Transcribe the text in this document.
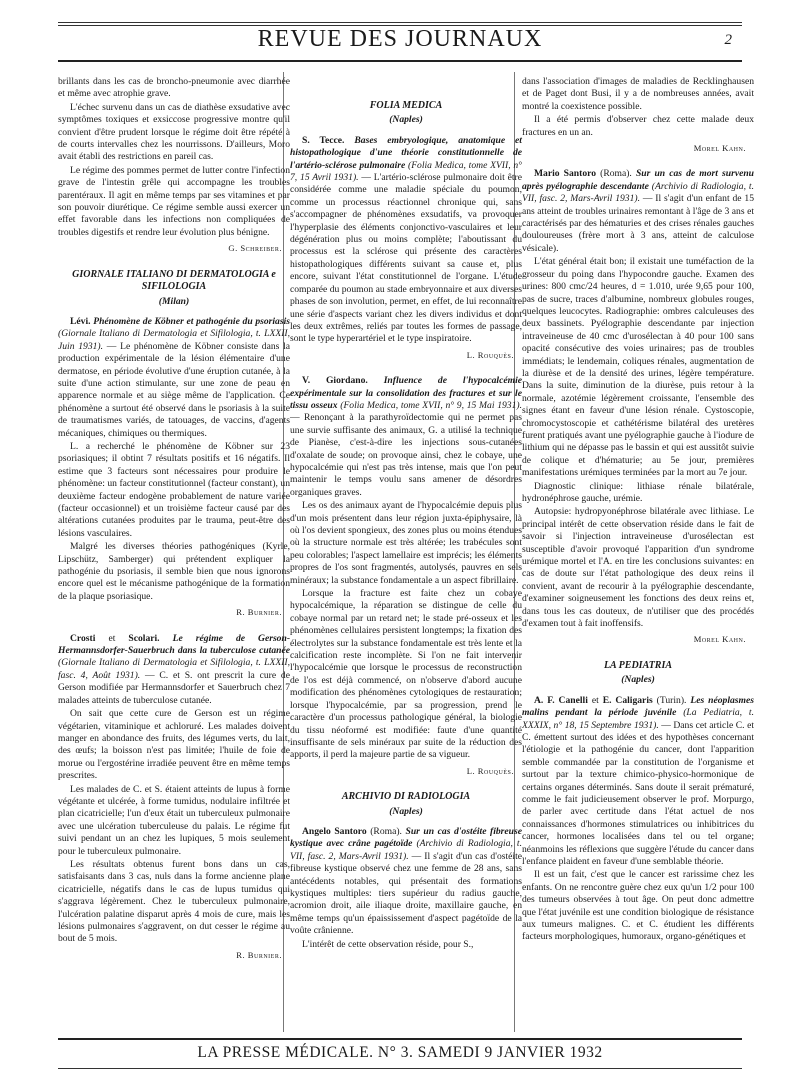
REVUE DES JOURNAUX	2

brillants dans les cas de broncho-pneumonie avec diarrhée et même avec atrophie grave.

L'échec survenu dans un cas de diathèse exsudative avec symptômes toxiques et exsiccose progressive montre qu'il convient d'être prudent lorsque le régime doit être répété à de courts intervalles chez les nourrissons. D'ailleurs, Moro avait établi des restrictions en pareil cas.

Le régime des pommes permet de lutter contre l'infection grave de l'intestin grêle qui accompagne les troubles parentéraux. Il agit en même temps par ses vitamines et par son pouvoir diurétique. Ce régime semble aussi exercer un effet favorable dans les infections non compliquées de troubles digestifs et rendre leur évolution plus bénigne.

G. Schreiber.
GIORNALE ITALIANO DI DERMATOLOGIA e SIFILOLOGIA
(Milan)

Lévi. Phénomène de Köbner et pathogénie du psoriasis (Giornale Italiano di Dermatologia et Sifilologia, t. LXXII, Juin 1931). — Le phénomène de Köbner consiste dans la production expérimentale de la lésion élémentaire d'une dermatose, en période évolutive d'une éruption cutanée, à la suite d'une action stimulante, sur une zone de peau en apparence normale et au siège même de l'application. Ce phénomène a surtout été observé dans le psoriasis à la suite de traumatismes variés, de tatouages, de vaccins, d'agents mécaniques, chimiques ou thermiques.

L. a recherché le phénomène de Köbner sur 23 psoriasiques; il obtint 7 résultats positifs et 16 négatifs. Il estime que 3 facteurs sont nécessaires pour produire le phénomène: un facteur constitutionnel (facteur constant), un deuxième facteur endogène probablement de nature variée (facteur occasionnel) et un troisième facteur causé par des altérations cutanées produites par le trauma, peut-être des lésions vasculaires.

Malgré les diverses théories pathogéniques (Kyrle, Lipschütz, Samberger) qui prétendent expliquer la pathogénie du psoriasis, il semble bien que nous ignorons encore quel est le mécanisme pathogénique de la formation de la plaque psoriasique.

R. Burnier.

Crosti et Scolari. Le régime de Gerson-Hermannsdorfer-Sauerbruch dans la tuberculose cutanée (Giornale Italiano di Dermatologia et Sifilologia, t. LXXII, fasc. 4, Août 1931). — C. et S. ont prescrit la cure de Gerson modifiée par Hermannsdorfer et Sauerbruch chez 7 malades atteints de tuberculose cutanée.

On sait que cette cure de Gerson est un régime végétarien, vitaminique et achloruré. Les malades doivent manger en abondance des fruits, des légumes verts, du lait, des œufs; la boisson n'est pas limitée; l'huile de foie de morue ou l'ergostérine irradiée peuvent être en même temps prescrites.

Les malades de C. et S. étaient atteints de lupus à forme végétante et ulcérée, à forme tumidus, nodulaire infiltrée et plan cicatricielle; l'un d'eux était un tuberculeux pulmonaire avec une ulcération tuberculeuse du palais. Le régime fut suivi pendant un an chez les lupiques, 5 mois seulement pour le tuberculeux pulmonaire.

Les résultats obtenus furent bons dans un cas, satisfaisants dans 3 cas, nuls dans la forme ancienne plane cicatricielle, négatifs dans le cas de lupus tumidus qui s'aggrava légèrement. Chez le tuberculeux pulmonaire, l'ulcération palatine disparut après 4 mois de cure, mais les lésions pulmonaires s'aggravent, on dut cesser le régime au bout de 5 mois.

R. Burnier.
FOLIA MEDICA
(Naples)

S. Tecce. Bases embryologique, anatomique et histopathologique d'une théorie constitutionnelle de l'artério-sclérose pulmonaire (Folia Medica, tome XVII, n° 7, 15 Avril 1931). — L'artério-sclérose pulmonaire doit être considérée comme une maladie spéciale du poumon, comme un processus réactionnel chronique qui, sans s'accompagner de phénomènes exsudatifs, va provoquer l'hyperplasie des éléments conjonctivo-vasculaires et leur dégénération plus ou moins complète; l'aboutissant du processus est la sclérose qui présente des caractères histopathologiques différents suivant sa cause et, plus encore, suivant l'état constitutionnel de l'organe. L'étude comparée du poumon au stade embryonnaire et aux diverses phases de son involution, permet, en effet, de lui reconnaître une série d'aspects variant chez les divers individus et dont les deux extrêmes, reliés par toutes les formes de passage, sont le type hyperartériel et le type inspiratoire.

L. Rouquès.

V. Giordano. Influence de l'hypocalcémie expérimentale sur la consolidation des fractures et sur le tissu osseux (Folia Medica, tome XVII, n° 9, 15 Mai 1931). — Renonçant à la parathyroïdectomie qui ne permet pas une survie suffisante des animaux, G. a utilisé la technique de Pianèse, c'est-à-dire les injections sous-cutanées d'oxalate de soude; on provoque ainsi, chez le cobaye, une hypocalcémie qui n'est pas très intense, mais que l'on peut maintenir le temps voulu sans amener de désordres organiques graves.

Les os des animaux ayant de l'hypocalcémie depuis plus d'un mois présentent dans leur région juxta-épiphysaire, là où l'os devient spongieux, des zones plus ou moins étendues où la structure normale est très altérée; les trabécules sont peu colorables; l'aspect lamellaire est imprécis; les éléments propres de l'os sont fragmentés, autolysés, pauvres en sels minéraux; la substance fondamentale a un aspect fibrillaire.

Lorsque la fracture est faite chez un cobaye hypocalcémique, la réparation se distingue de celle du cobaye normal par un retard net; le stade pré-osseux et les phénomènes cellulaires persistent longtemps; la fixation des électrolytes sur la substance fondamentale est très lente et la calcification reste incomplète. Si l'on ne fait intervenir l'hypocalcémie que lorsque le processus de reconstruction de l'os est déjà commencé, on n'observe d'abord aucune modification des phénomènes cytologiques de restauration; lorsque l'hypocalcémie, par sa progression, prend le caractère d'un processus pathologique général, la biologie du tissu néoformé est modifiée: faute d'une quantité insuffisante de sels minéraux par suite de la réduction des apports, il perd la majeure partie de sa vigueur.

L. Rouquès.
ARCHIVIO DI RADIOLOGIA
(Naples)

Angelo Santoro (Roma). Sur un cas d'ostéite fibreuse kystique avec crâne pagétoïde (Archivio di Radiologia, t. VII, fasc. 2, Mars-Avril 1931). — Il s'agit d'un cas d'ostéite fibreuse kystique observé chez une femme de 28 ans, sans antécédents notables, qui présentait des formations kystiques multiples: tiers supérieur du radius gauche, acromion droit, aile iliaque droite, maxillaire gauche, en même temps qu'un épaississement d'aspect pagétoïde de la voûte crânienne.

L'intérêt de cette observation réside, pour S.,

dans l'association d'images de maladies de Recklinghausen et de Paget dont Busi, il y a de nombreuses années, avait montré la coexistence possible.

Il a été permis d'observer chez cette malade deux fractures en un an.

Morel Kahn.

Mario Santoro (Roma). Sur un cas de mort survenu après pyélographie descendante (Archivio di Radiologia, t. VII, fasc. 2, Mars-Avril 1931). — Il s'agit d'un enfant de 15 ans atteint de troubles urinaires remontant à l'âge de 3 ans et caractérisés par des hématuries et des crises rénales gauches douloureuses (frère mort à 3 ans, atteint de calculose vésicale).

L'état général était bon; il existait une tuméfaction de la grosseur du poing dans l'hypocondre gauche. Examen des urines: 800 cmc/24 heures, d = 1.010, urée 9,65 pour 100, pas de sucre, traces d'albumine, nombreux globules rouges, quelques leucocytes. Radiographie: ombres calculeuses des deux bassinets. Pyélographie descendante par injection intraveineuse de 40 cmc d'urosélectan à 40 pour 100 sans opacité consécutive des voies urinaires; pas de troubles immédiats; le lendemain, coliques rénales, augmentation de la diurèse et de la densité des urines, légère température. Dans la suite, diminution de la diurèse, puis retour à la normale, azotémie légèrement croissante, l'ensemble des signes étant en faveur d'une lésion rénale. Cystoscopie, chromocystoscopie et cathétérisme bilatéral des uretères furent pratiqués avant une pyélographie gauche à l'iodure de lithium qui ne dépasse pas le bassin et qui est aussitôt suivie de colique et d'hématurie; au 5e jour, premières manifestations urémiques terminées par la mort au 7e jour.

Diagnostic clinique: lithiase rénale bilatérale, hydronéphrose gauche, urémie.

Autopsie: hydropyonéphrose bilatérale avec lithiase. Le principal intérêt de cette observation réside dans le fait de savoir si l'injection intraveineuse d'urosélectan est susceptible d'avoir provoqué l'apparition d'un syndrome urémique mortel et l'A. en tire les conclusions suivantes: en cas de doute sur l'état pathologique des deux reins il convient, avant de recourir à la pyélographie descendante, d'examiner soigneusement les fonctions des deux reins et, dans tous les cas douteux, de n'utiliser que des procédés d'examen tout à fait inoffensifs.

Morel Kahn.
LA PEDIATRIA
(Naples)

A. F. Canelli et E. Caligaris (Turin). Les néoplasmes malins pendant la période juvénile (La Pediatria, t. XXXIX, n° 18, 15 Septembre 1931). — Dans cet article C. et C. émettent surtout des idées et des hypothèses concernant l'étiologie et la pathogénie du cancer, dont l'apparition semble commandée par la constitution de l'organisme et surtout par la texture chimico-physico-hormonique de certains organes déterminés. Sans doute il serait prématuré, comme le fait judicieusement observer le prof. Morpurgo, de parler avec certitude dans l'état actuel de nos connaissances d'hormones stimulatrices ou inhibitrices du cancer, hormones localisées dans tel ou tel organe; néanmoins les réflexions que suggère l'étude du cancer dans l'enfance plaident en faveur d'une semblable théorie.

Il est un fait, c'est que le cancer est rarissime chez les enfants. On ne rencontre guère chez eux qu'un 1/2 pour 100 des tumeurs observées à tout âge. On peut donc admettre que l'état juvénile est une condition biologique de résistance aux tumeurs malignes. C. et C. étudient les différents facteurs morphologiques, humoraux, organo-génétiques et

LA PRESSE MÉDICALE. N° 3. SAMEDI 9 JANVIER 1932
